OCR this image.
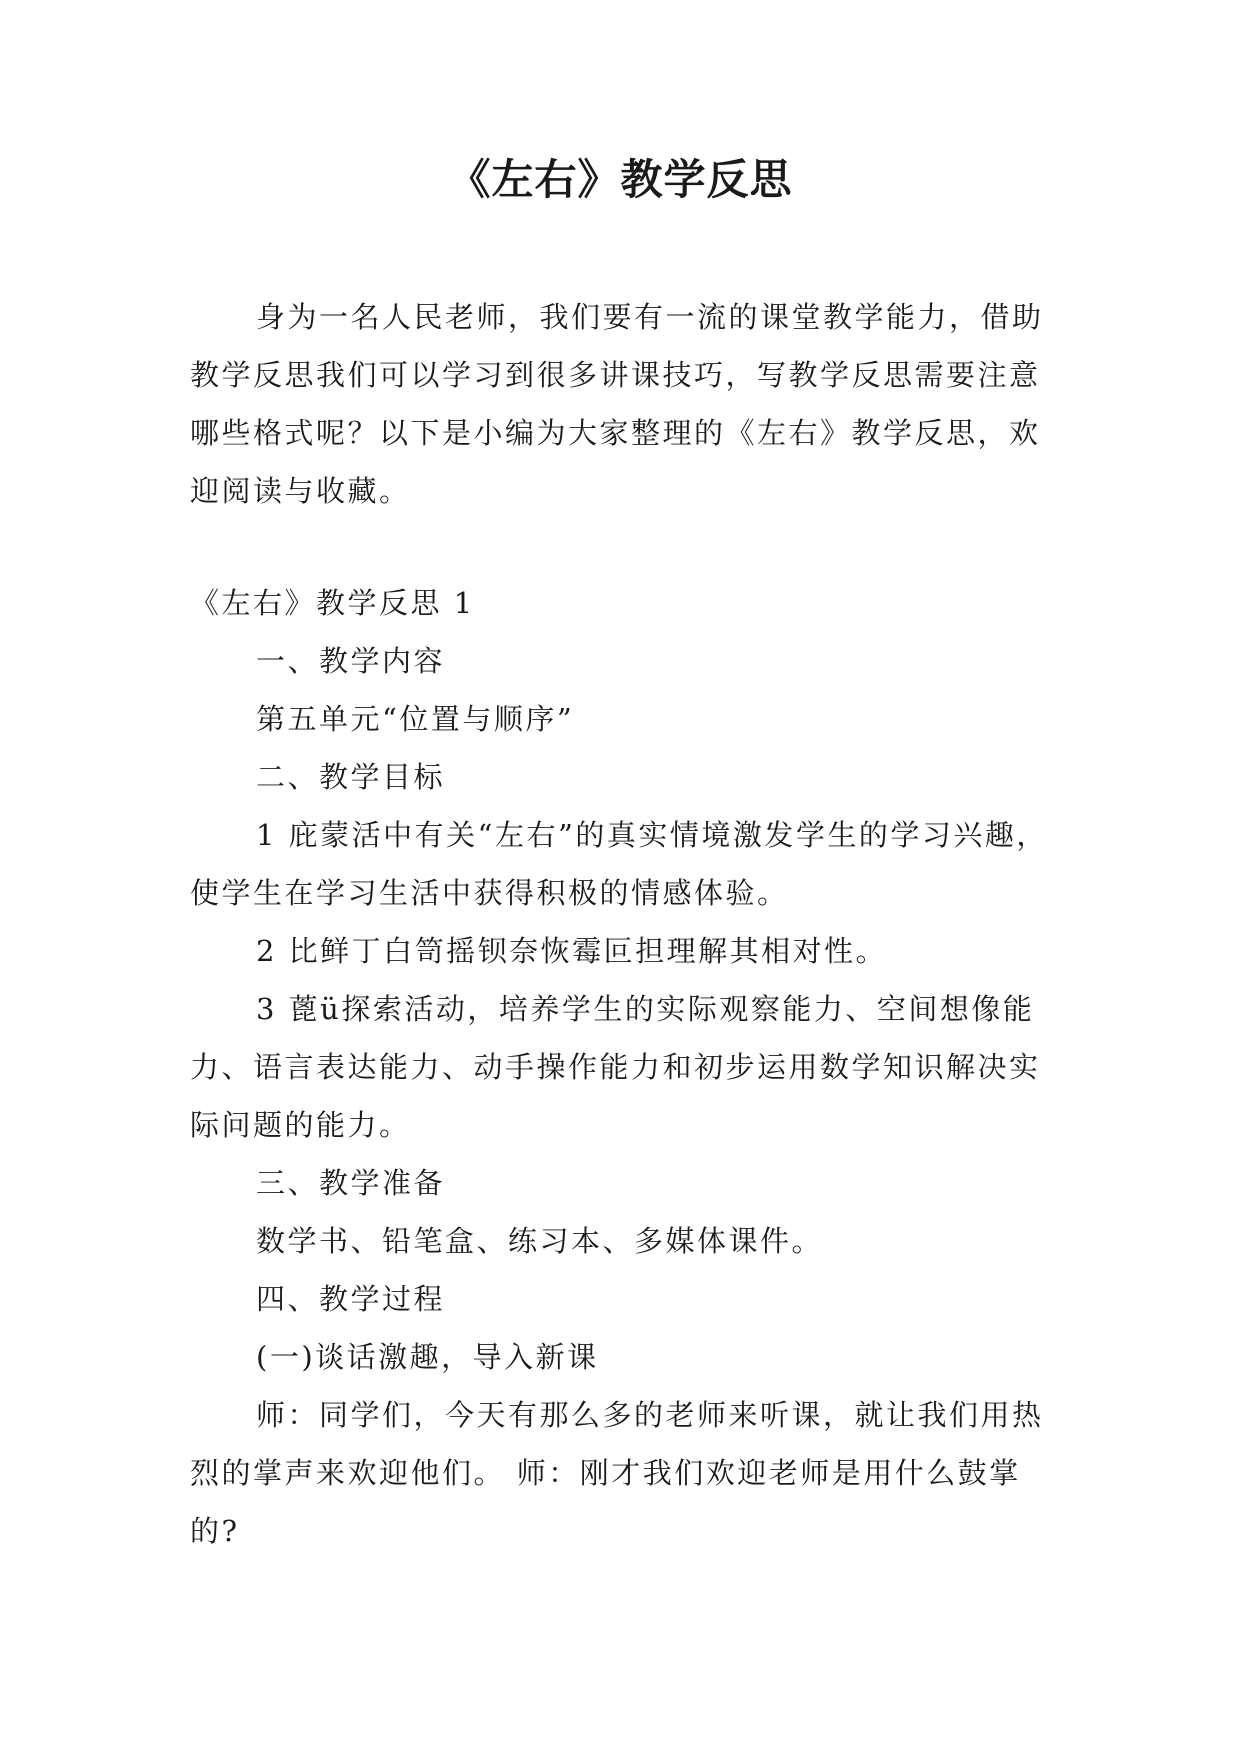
《左右》教学反思

身为一名人民老师，我们要有一流的课堂教学能力，借助教学反思我们可以学习到很多讲课技巧，写教学反思需要注意哪些格式呢？以下是小编为大家整理的《左右》教学反思，欢迎阅读与收藏。

《左右》教学反思 1

一、教学内容

第五单元“位置与顺序”

二、教学目标

1 庇蒙活中有关“左右”的真实情境激发学生的学习兴趣，使学生在学习生活中获得积极的情感体验。

2 比鲜丁白笥摇钡奈恢霉叵担理解其相对性。

3 蓖ü探索活动，培养学生的实际观察能力、空间想像能力、语言表达能力、动手操作能力和初步运用数学知识解决实际问题的能力。

三、教学准备

数学书、铅笔盒、练习本、多媒体课件。

四、教学过程

(一)谈话激趣，导入新课

师：同学们，今天有那么多的老师来听课，就让我们用热烈的掌声来欢迎他们。 师：刚才我们欢迎老师是用什么鼓掌的?
